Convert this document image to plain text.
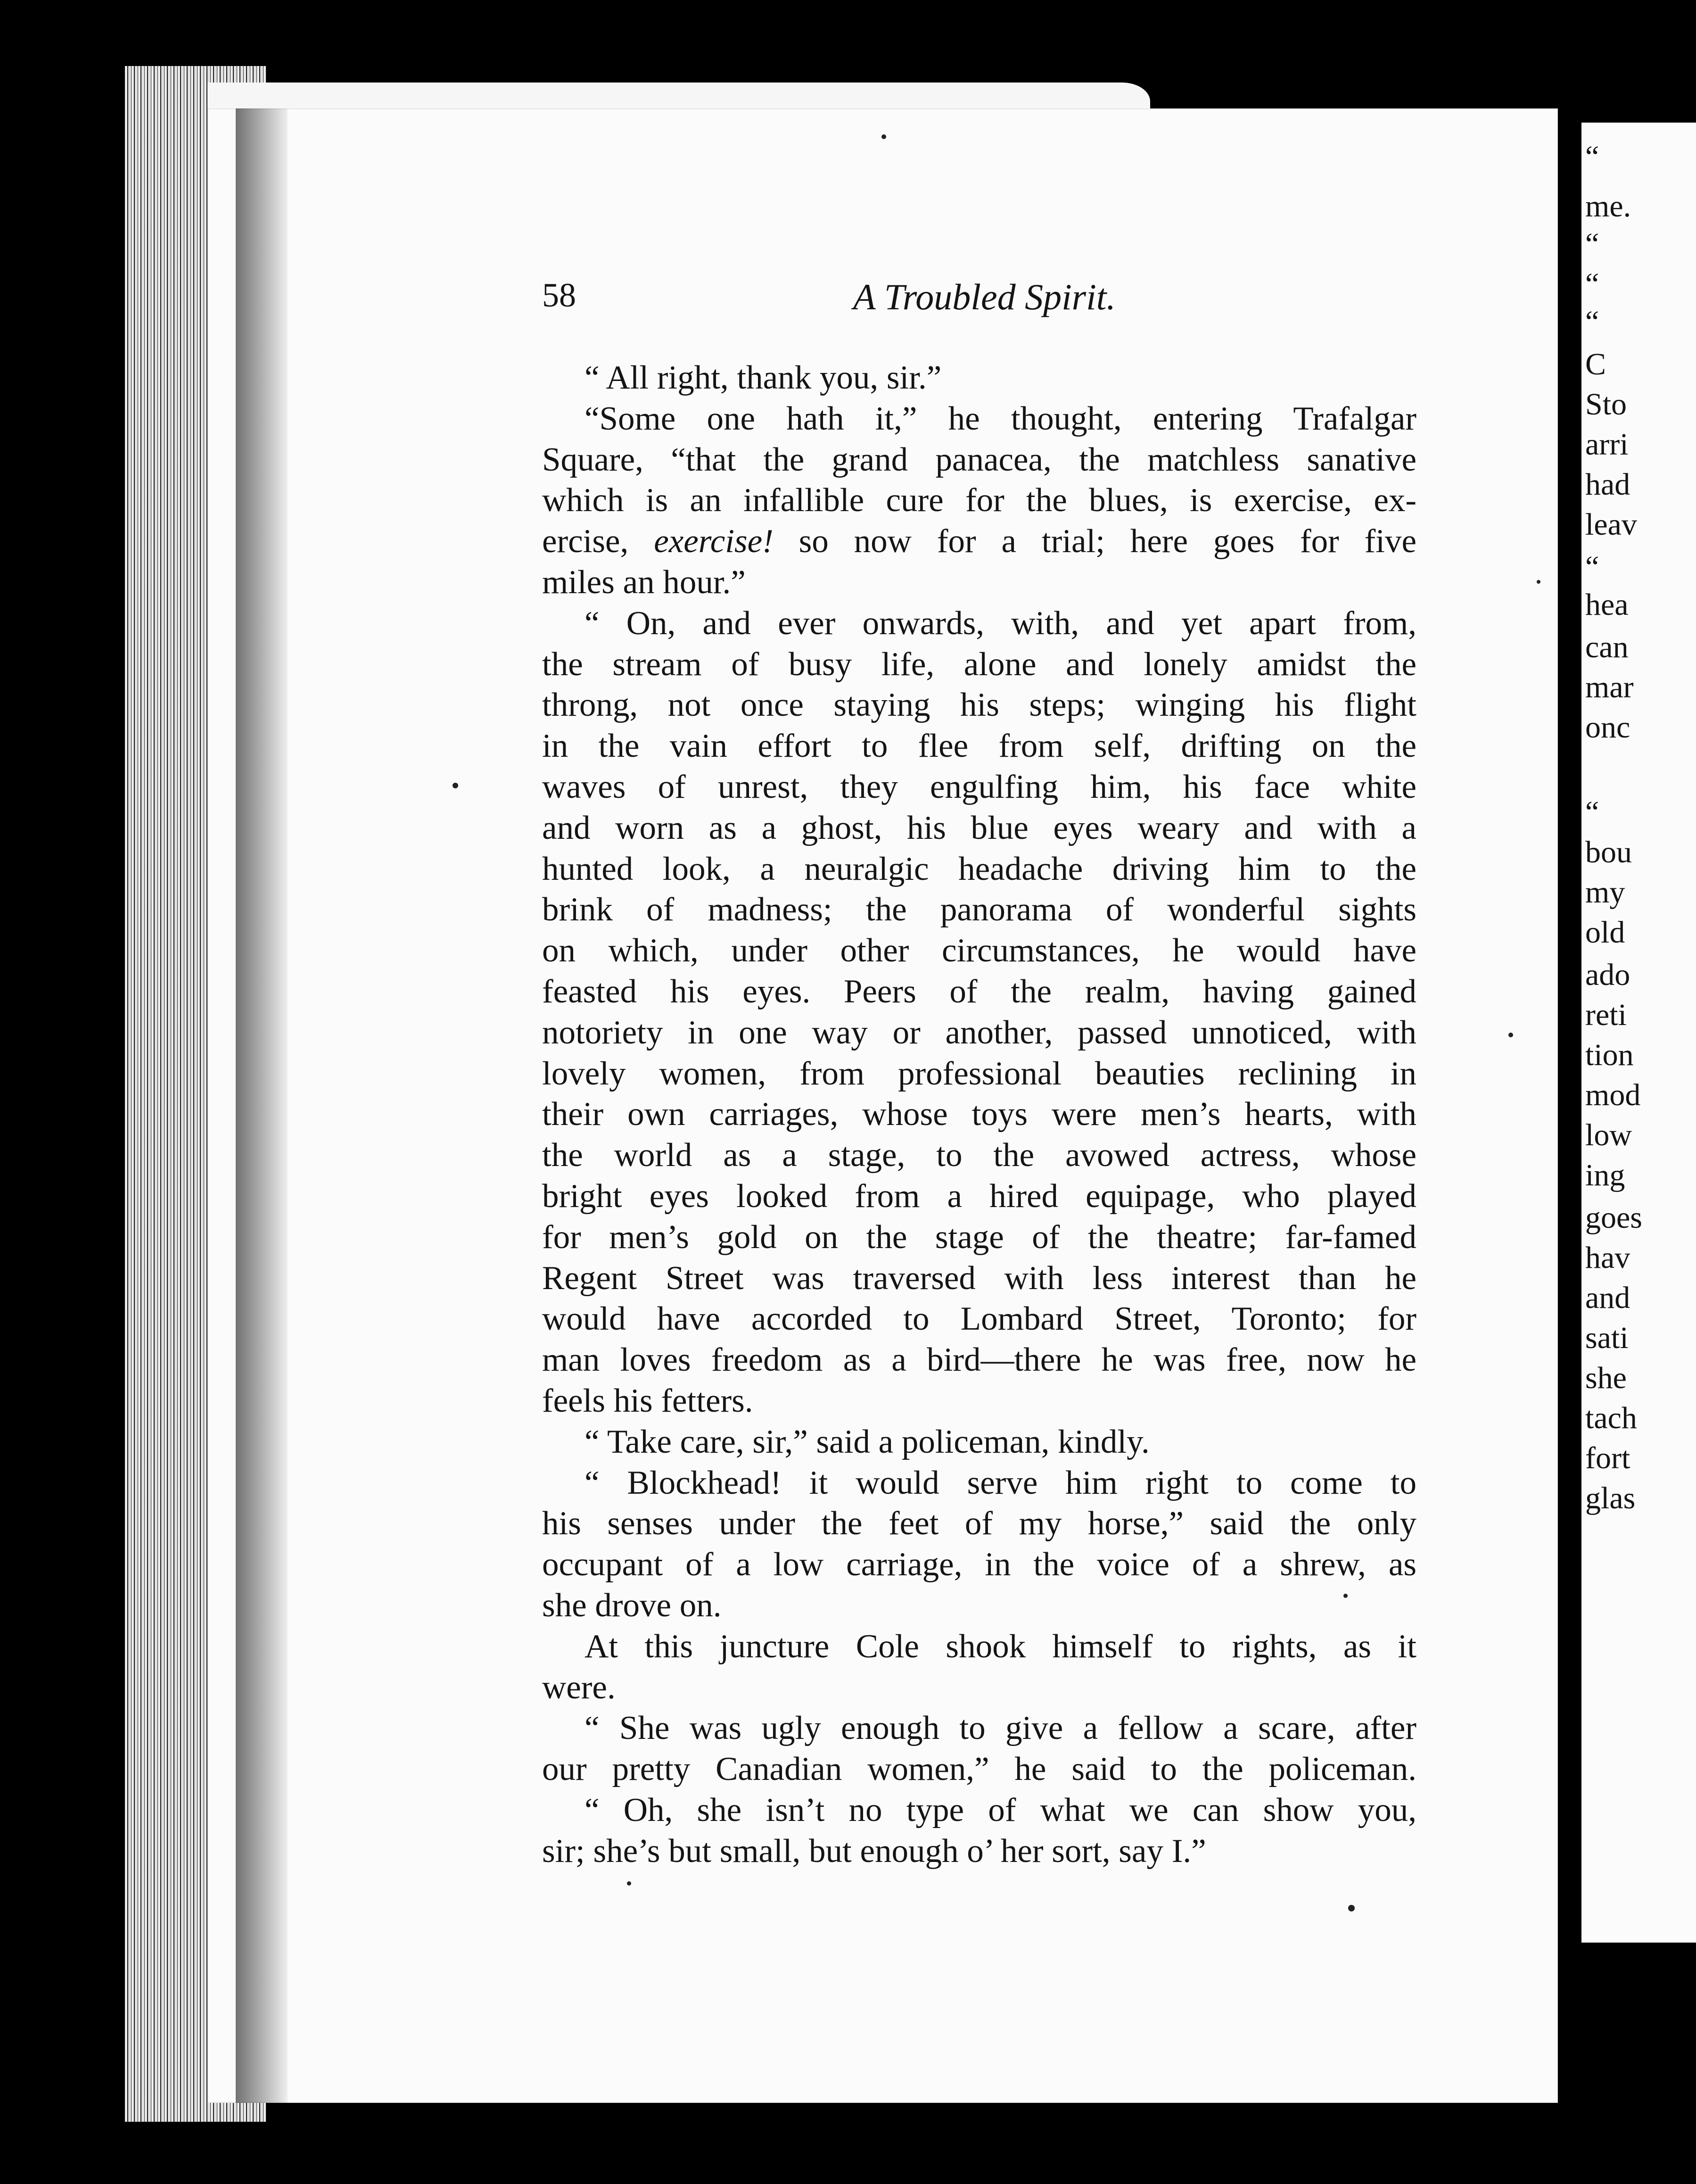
58	A Troubled Spirit.
“ All right, thank you, sir.”
“Some one hath it,” he thought, entering Trafalgar
Square, “that the grand panacea, the matchless sanative
which is an infallible cure for the blues, is exercise, ex-
ercise, exercise! so now for a trial; here goes for five
miles an hour.”
“ On, and ever onwards, with, and yet apart from,
the stream of busy life, alone and lonely amidst the
throng, not once staying his steps; winging his flight
in the vain effort to flee from self, drifting on the
waves of unrest, they engulfing him, his face white
and worn as a ghost, his blue eyes weary and with a
hunted look, a neuralgic headache driving him to the
brink of madness; the panorama of wonderful sights
on which, under other circumstances, he would have
feasted his eyes. Peers of the realm, having gained
notoriety in one way or another, passed unnoticed, with
lovely women, from professional beauties reclining in
their own carriages, whose toys were men’s hearts, with
the world as a stage, to the avowed actress, whose
bright eyes looked from a hired equipage, who played
for men’s gold on the stage of the theatre; far-famed
Regent Street was traversed with less interest than he
would have accorded to Lombard Street, Toronto; for
man loves freedom as a bird—there he was free, now he
feels his fetters.
“ Take care, sir,” said a policeman, kindly.
“ Blockhead! it would serve him right to come to
his senses under the feet of my horse,” said the only
occupant of a low carriage, in the voice of a shrew, as
she drove on.
At this juncture Cole shook himself to rights, as it
were.
“ She was ugly enough to give a fellow a scare, after
our pretty Canadian women,” he said to the policeman.
“ Oh, she isn’t no type of what we can show you,
sir; she’s but small, but enough o’ her sort, say I.”
“
me.
“
“
“
C
Sto
arri
had
leav
“
hea
can
mar
onc
“
bou
my
old
ado
reti
tion
mod
low
ing
goes
hav
and
sati
she
tach
fort
glas
